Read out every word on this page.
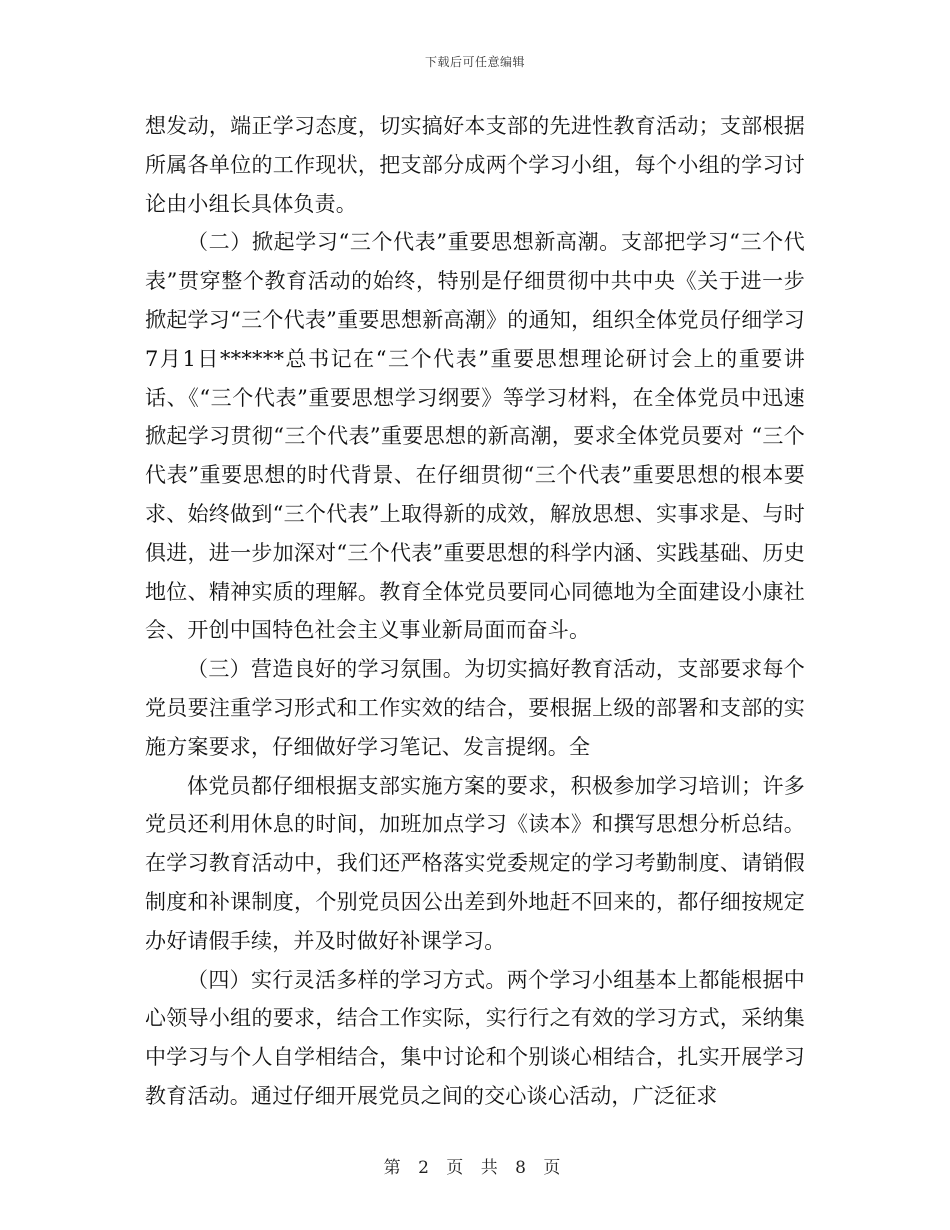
下载后可任意编辑

想发动，端正学习态度，切实搞好本支部的先进性教育活动；支部根据所属各单位的工作现状，把支部分成两个学习小组，每个小组的学习讨论由小组长具体负责。

（二）掀起学习“三个代表”重要思想新高潮。支部把学习“三个代表”贯穿整个教育活动的始终，特别是仔细贯彻中共中央《关于进一步掀起学习“三个代表”重要思想新高潮》的通知，组织全体党员仔细学习7月1日******总书记在“三个代表”重要思想理论研讨会上的重要讲话、《“三个代表”重要思想学习纲要》等学习材料，在全体党员中迅速掀起学习贯彻“三个代表”重要思想的新高潮，要求全体党员要对 “三个代表”重要思想的时代背景、在仔细贯彻“三个代表”重要思想的根本要求、始终做到“三个代表”上取得新的成效，解放思想、实事求是、与时俱进，进一步加深对“三个代表”重要思想的科学内涵、实践基础、历史地位、精神实质的理解。教育全体党员要同心同德地为全面建设小康社会、开创中国特色社会主义事业新局面而奋斗。

（三）营造良好的学习氛围。为切实搞好教育活动，支部要求每个党员要注重学习形式和工作实效的结合，要根据上级的部署和支部的实施方案要求，仔细做好学习笔记、发言提纲。全

体党员都仔细根据支部实施方案的要求，积极参加学习培训；许多党员还利用休息的时间，加班加点学习《读本》和撰写思想分析总结。在学习教育活动中，我们还严格落实党委规定的学习考勤制度、请销假制度和补课制度，个别党员因公出差到外地赶不回来的，都仔细按规定办好请假手续，并及时做好补课学习。

（四）实行灵活多样的学习方式。两个学习小组基本上都能根据中心领导小组的要求，结合工作实际，实行行之有效的学习方式，采纳集中学习与个人自学相结合，集中讨论和个别谈心相结合，扎实开展学习教育活动。通过仔细开展党员之间的交心谈心活动，广泛征求

第 2 页 共 8 页
